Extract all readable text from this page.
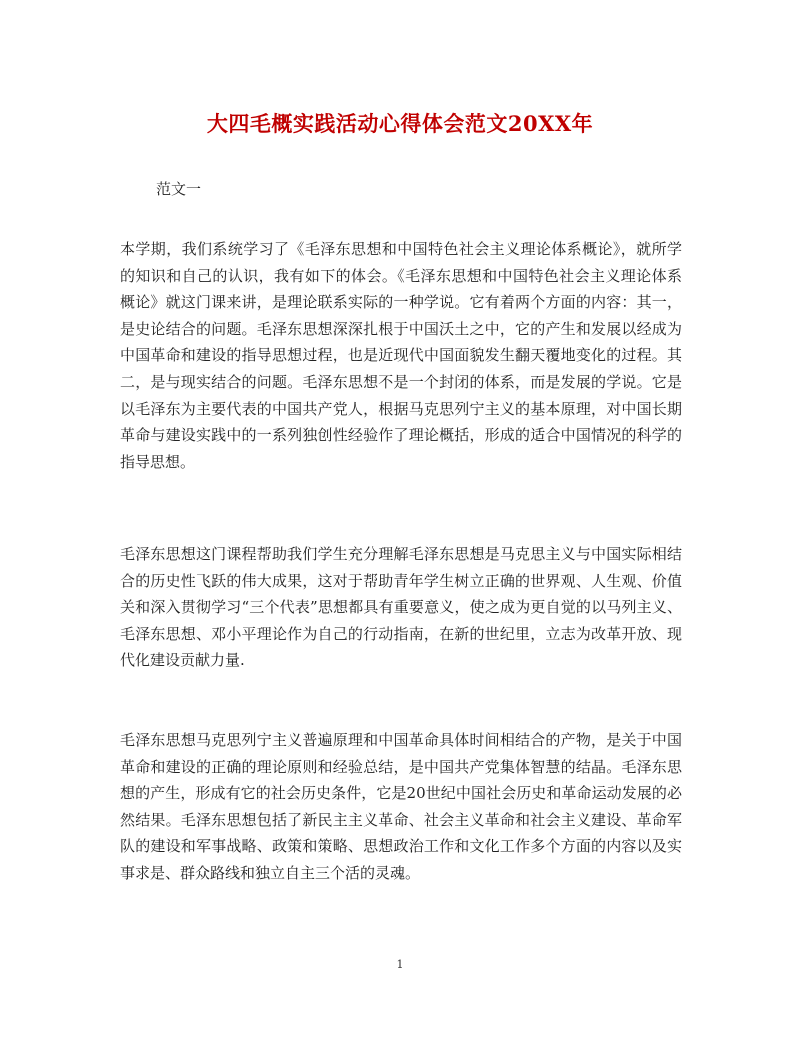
大四毛概实践活动心得体会范文20XX年
范文一
本学期，我们系统学习了《毛泽东思想和中国特色社会主义理论体系概论》，就所学的知识和自己的认识，我有如下的体会。《毛泽东思想和中国特色社会主义理论体系概论》就这门课来讲，是理论联系实际的一种学说。它有着两个方面的内容：其一，是史论结合的问题。毛泽东思想深深扎根于中国沃土之中，它的产生和发展以经成为中国革命和建设的指导思想过程，也是近现代中国面貌发生翻天覆地变化的过程。其二，是与现实结合的问题。毛泽东思想不是一个封闭的体系，而是发展的学说。它是以毛泽东为主要代表的中国共产党人，根据马克思列宁主义的基本原理，对中国长期革命与建设实践中的一系列独创性经验作了理论概括，形成的适合中国情况的科学的指导思想。
毛泽东思想这门课程帮助我们学生充分理解毛泽东思想是马克思主义与中国实际相结合的历史性飞跃的伟大成果，这对于帮助青年学生树立正确的世界观、人生观、价值关和深入贯彻学习“三个代表”思想都具有重要意义，使之成为更自觉的以马列主义、毛泽东思想、邓小平理论作为自己的行动指南，在新的世纪里，立志为改革开放、现代化建设贡献力量.
毛泽东思想马克思列宁主义普遍原理和中国革命具体时间相结合的产物，是关于中国革命和建设的正确的理论原则和经验总结，是中国共产党集体智慧的结晶。毛泽东思想的产生，形成有它的社会历史条件，它是20世纪中国社会历史和革命运动发展的必然结果。毛泽东思想包括了新民主主义革命、社会主义革命和社会主义建设、革命军队的建设和军事战略、政策和策略、思想政治工作和文化工作多个方面的内容以及实事求是、群众路线和独立自主三个活的灵魂。
1
